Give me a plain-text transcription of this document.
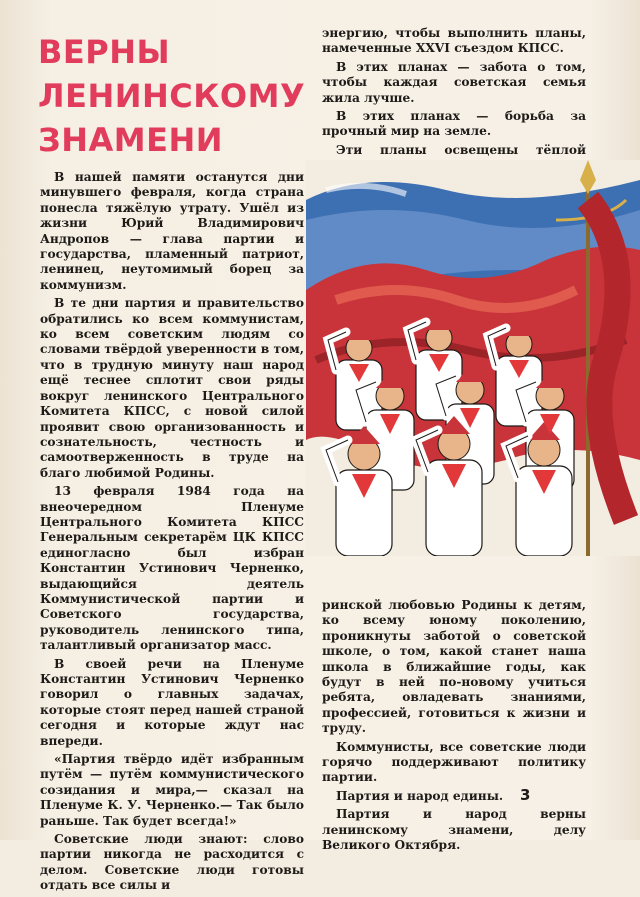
ВЕРНЫ
ЛЕНИНСКОМУ
ЗНАМЕНИ

В нашей памяти останутся дни минувшего февраля, когда страна понесла тяжёлую утрату. Ушёл из жизни Юрий Владимирович Андропов — глава партии и государства, пламенный патриот, ленинец, неутомимый борец за коммунизм.

В те дни партия и правительство обратились ко всем коммунистам, ко всем советским людям со словами твёрдой уверенности в том, что в трудную минуту наш народ ещё теснее сплотит свои ряды вокруг ленинского Центрального Комитета КПСС, с новой силой проявит свою организованность и сознательность, честность и самоотверженность в труде на благо любимой Родины.

13 февраля 1984 года на внеочередном Пленуме Центрального Комитета КПСС Генеральным секретарём ЦК КПСС единогласно был избран Константин Устинович Черненко, выдающийся деятель Коммунистической партии и Советского государства, руководитель ленинского типа, талантливый организатор масс.

В своей речи на Пленуме Константин Устинович Черненко говорил о главных задачах, которые стоят перед нашей страной сегодня и которые ждут нас впереди.

«Партия твёрдо идёт избранным путём — путём коммунистического созидания и мира,— сказал на Пленуме К. У. Черненко.— Так было раньше. Так будет всегда!»

Советские люди знают: слово партии никогда не расходится с делом. Советские люди готовы отдать все силы и

энергию, чтобы выполнить планы, намеченные XXVI съездом КПСС.

В этих планах — забота о том, чтобы каждая советская семья жила лучше.

В этих планах — борьба за прочный мир на земле.

Эти планы освещены тёплой

ринской любовью Родины к детям, ко всему юному поколению, проникнуты заботой о советской школе, о том, какой станет наша школа в ближайшие годы, как будут в ней по-новому учиться ребята, овладевать знаниями, профессией, готовиться к жизни и труду.

Коммунисты, все советские люди горячо поддерживают политику партии.

Партия и народ едины.

Партия и народ верны ленинскому знамени, делу Великого Октября.

3
